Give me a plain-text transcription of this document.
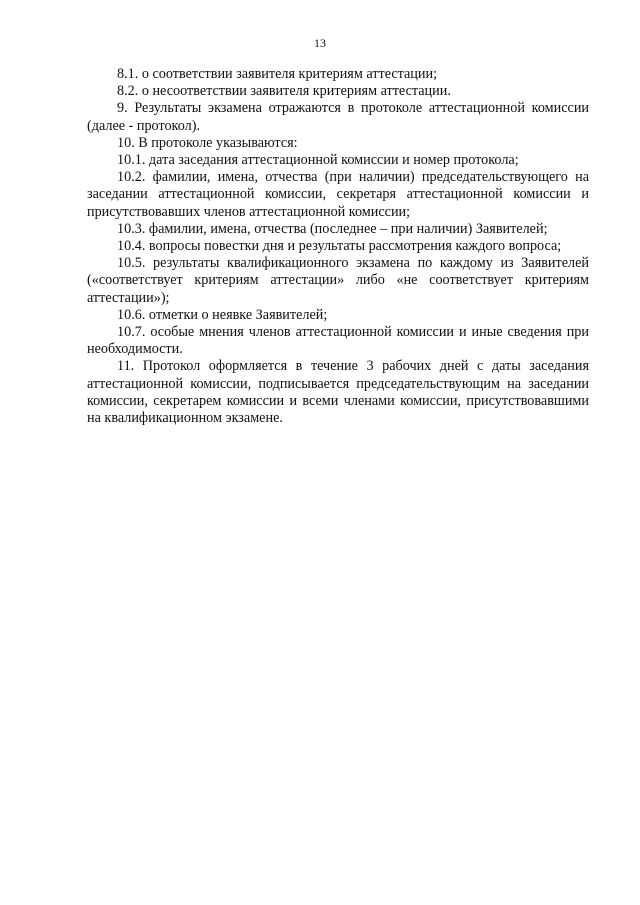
13

8.1. о соответствии заявителя критериям аттестации;

8.2. о несоответствии заявителя критериям аттестации.

9. Результаты экзамена отражаются в протоколе аттестационной комиссии (далее - протокол).

10. В протоколе указываются:

10.1. дата заседания аттестационной комиссии и номер протокола;

10.2. фамилии, имена, отчества (при наличии) председательствующего на заседании аттестационной комиссии, секретаря аттестационной комиссии и присутствовавших членов аттестационной комиссии;

10.3. фамилии, имена, отчества (последнее – при наличии) Заявителей;

10.4. вопросы повестки дня и результаты рассмотрения каждого вопроса;

10.5. результаты квалификационного экзамена по каждому из Заявителей («соответствует критериям аттестации» либо «не соответствует критериям аттестации»);

10.6. отметки о неявке Заявителей;

10.7. особые мнения членов аттестационной комиссии и иные сведения при необходимости.

11. Протокол оформляется в течение 3 рабочих дней с даты заседания аттестационной комиссии, подписывается председательствующим на заседании комиссии, секретарем комиссии и всеми членами комиссии, присутствовавшими на квалификационном экзамене.
